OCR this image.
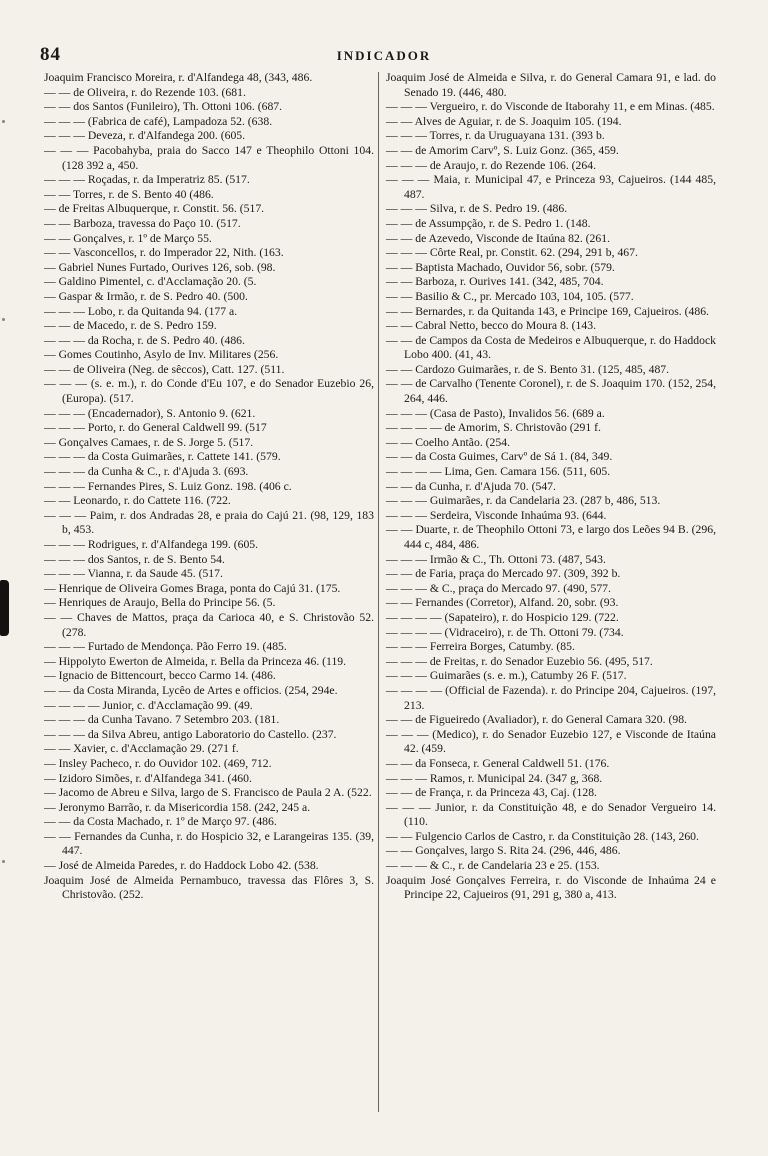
84	INDICADOR

Joaquim Francisco Moreira, r. d'Alfandega 48, (343, 486.

— — de Oliveira, r. do Rezende 103. (681.

— — dos Santos (Funileiro), Th. Ottoni 106. (687.

— — — (Fabrica de café), Lampadoza 52. (638.

— — — Deveza, r. d'Alfandega 200. (605.

— — — Pacobahyba, praia do Sacco 147 e Theophilo Ottoni 104. (128 392 a, 450.

— — — Roçadas, r. da Imperatriz 85. (517.

— — Torres, r. de S. Bento 40 (486.

— de Freitas Albuquerque, r. Constit. 56. (517.

— — Barboza, travessa do Paço 10. (517.

— — Gonçalves, r. 1º de Março 55.

— — Vasconcellos, r. do Imperador 22, Nith. (163.

— Gabriel Nunes Furtado, Ourives 126, sob. (98.

— Galdino Pimentel, c. d'Acclamação 20. (5.

— Gaspar & Irmão, r. de S. Pedro 40. (500.

— — — Lobo, r. da Quitanda 94. (177 a.

— — de Macedo, r. de S. Pedro 159.

— — — da Rocha, r. de S. Pedro 40. (486.

— Gomes Coutinho, Asylo de Inv. Militares (256.

— — de Oliveira (Neg. de sêccos), Catt. 127. (511.

— — — (s. e. m.), r. do Conde d'Eu 107, e do Senador Euzebio 26, (Europa). (517.

— — — (Encadernador), S. Antonio 9. (621.

— — — Porto, r. do General Caldwell 99. (517

— Gonçalves Camaes, r. de S. Jorge 5. (517.

— — — da Costa Guimarães, r. Cattete 141. (579.

— — — da Cunha & C., r. d'Ajuda 3. (693.

— — — Fernandes Pires, S. Luiz Gonz. 198. (406 c.

— — Leonardo, r. do Cattete 116. (722.

— — — Paim, r. dos Andradas 28, e praia do Cajú 21. (98, 129, 183 b, 453.

— — — Rodrigues, r. d'Alfandega 199. (605.

— — — dos Santos, r. de S. Bento 54.

— — — Vianna, r. da Saude 45. (517.

— Henrique de Oliveira Gomes Braga, ponta do Cajú 31. (175.

— Henriques de Araujo, Bella do Principe 56. (5.

— — Chaves de Mattos, praça da Carioca 40, e S. Christovão 52. (278.

— — — Furtado de Mendonça. Pão Ferro 19. (485.

— Hippolyto Ewerton de Almeida, r. Bella da Princeza 46. (119.

— Ignacio de Bittencourt, becco Carmo 14. (486.

— — da Costa Miranda, Lycêo de Artes e officios. (254, 294e.

— — — — Junior, c. d'Acclamação 99. (49.

— — — da Cunha Tavano. 7 Setembro 203. (181.

— — — da Silva Abreu, antigo Laboratorio do Castello. (237.

— — Xavier, c. d'Acclamação 29. (271 f.

— Insley Pacheco, r. do Ouvidor 102. (469, 712.

— Izidoro Simões, r. d'Alfandega 341. (460.

— Jacomo de Abreu e Silva, largo de S. Francisco de Paula 2 A. (522.

— Jeronymo Barrão, r. da Misericordia 158. (242, 245 a.

— — da Costa Machado, r. 1º de Março 97. (486.

— — Fernandes da Cunha, r. do Hospicio 32, e Larangeiras 135. (39, 447.

— José de Almeida Paredes, r. do Haddock Lobo 42. (538.

Joaquim José de Almeida Pernambuco, travessa das Flôres 3, S. Christovão. (252.

Joaquim José de Almeida e Silva, r. do General Camara 91, e lad. do Senado 19. (446, 480.

— — — Vergueiro, r. do Visconde de Itaborahy 11, e em Minas. (485.

— — Alves de Aguiar, r. de S. Joaquim 105. (194.

— — — Torres, r. da Uruguayana 131. (393 b.

— — de Amorim Carvº, S. Luiz Gonz. (365, 459.

— — — de Araujo, r. do Rezende 106. (264.

— — — Maia, r. Municipal 47, e Princeza 93, Cajueiros. (144 485, 487.

— — — Silva, r. de S. Pedro 19. (486.

— — de Assumpção, r. de S. Pedro 1. (148.

— — de Azevedo, Visconde de Itaúna 82. (261.

— — — Côrte Real, pr. Constit. 62. (294, 291 b, 467.

— — Baptista Machado, Ouvidor 56, sobr. (579.

— — Barboza, r. Ourives 141. (342, 485, 704.

— — Basilio & C., pr. Mercado 103, 104, 105. (577.

— — Bernardes, r. da Quitanda 143, e Principe 169, Cajueiros. (486.

— — Cabral Netto, becco do Moura 8. (143.

— — de Campos da Costa de Medeiros e Albuquerque, r. do Haddock Lobo 400. (41, 43.

— — Cardozo Guimarães, r. de S. Bento 31. (125, 485, 487.

— — de Carvalho (Tenente Coronel), r. de S. Joaquim 170. (152, 254, 264, 446.

— — — (Casa de Pasto), Invalidos 56. (689 a.

— — — — de Amorim, S. Christovão (291 f.

— — Coelho Antão. (254.

— — da Costa Guimes, Carvº de Sá 1. (84, 349.

— — — — Lima, Gen. Camara 156. (511, 605.

— — da Cunha, r. d'Ajuda 70. (547.

— — — Guimarães, r. da Candelaria 23. (287 b, 486, 513.

— — — Serdeira, Visconde Inhaúma 93. (644.

— — Duarte, r. de Theophilo Ottoni 73, e largo dos Leões 94 B. (296, 444 c, 484, 486.

— — — Irmão & C., Th. Ottoni 73. (487, 543.

— — de Faria, praça do Mercado 97. (309, 392 b.

— — — & C., praça do Mercado 97. (490, 577.

— — Fernandes (Corretor), Alfand. 20, sobr. (93.

— — — — (Sapateiro), r. do Hospicio 129. (722.

— — — — (Vidraceiro), r. de Th. Ottoni 79. (734.

— — — Ferreira Borges, Catumby. (85.

— — — de Freitas, r. do Senador Euzebio 56. (495, 517.

— — — Guimarães (s. e. m.), Catumby 26 F. (517.

— — — — (Official de Fazenda). r. do Principe 204, Cajueiros. (197, 213.

— — de Figueiredo (Avaliador), r. do General Camara 320. (98.

— — — (Medico), r. do Senador Euzebio 127, e Visconde de Itaúna 42. (459.

— — da Fonseca, r. General Caldwell 51. (176.

— — — Ramos, r. Municipal 24. (347 g, 368.

— — de França, r. da Princeza 43, Caj. (128.

— — — Junior, r. da Constituição 48, e do Senador Vergueiro 14. (110.

— — Fulgencio Carlos de Castro, r. da Constituição 28. (143, 260.

— — Gonçalves, largo S. Rita 24. (296, 446, 486.

— — — & C., r. de Candelaria 23 e 25. (153.

Joaquim José Gonçalves Ferreira, r. do Visconde de Inhaúma 24 e Principe 22, Cajueiros (91, 291 g, 380 a, 413.
